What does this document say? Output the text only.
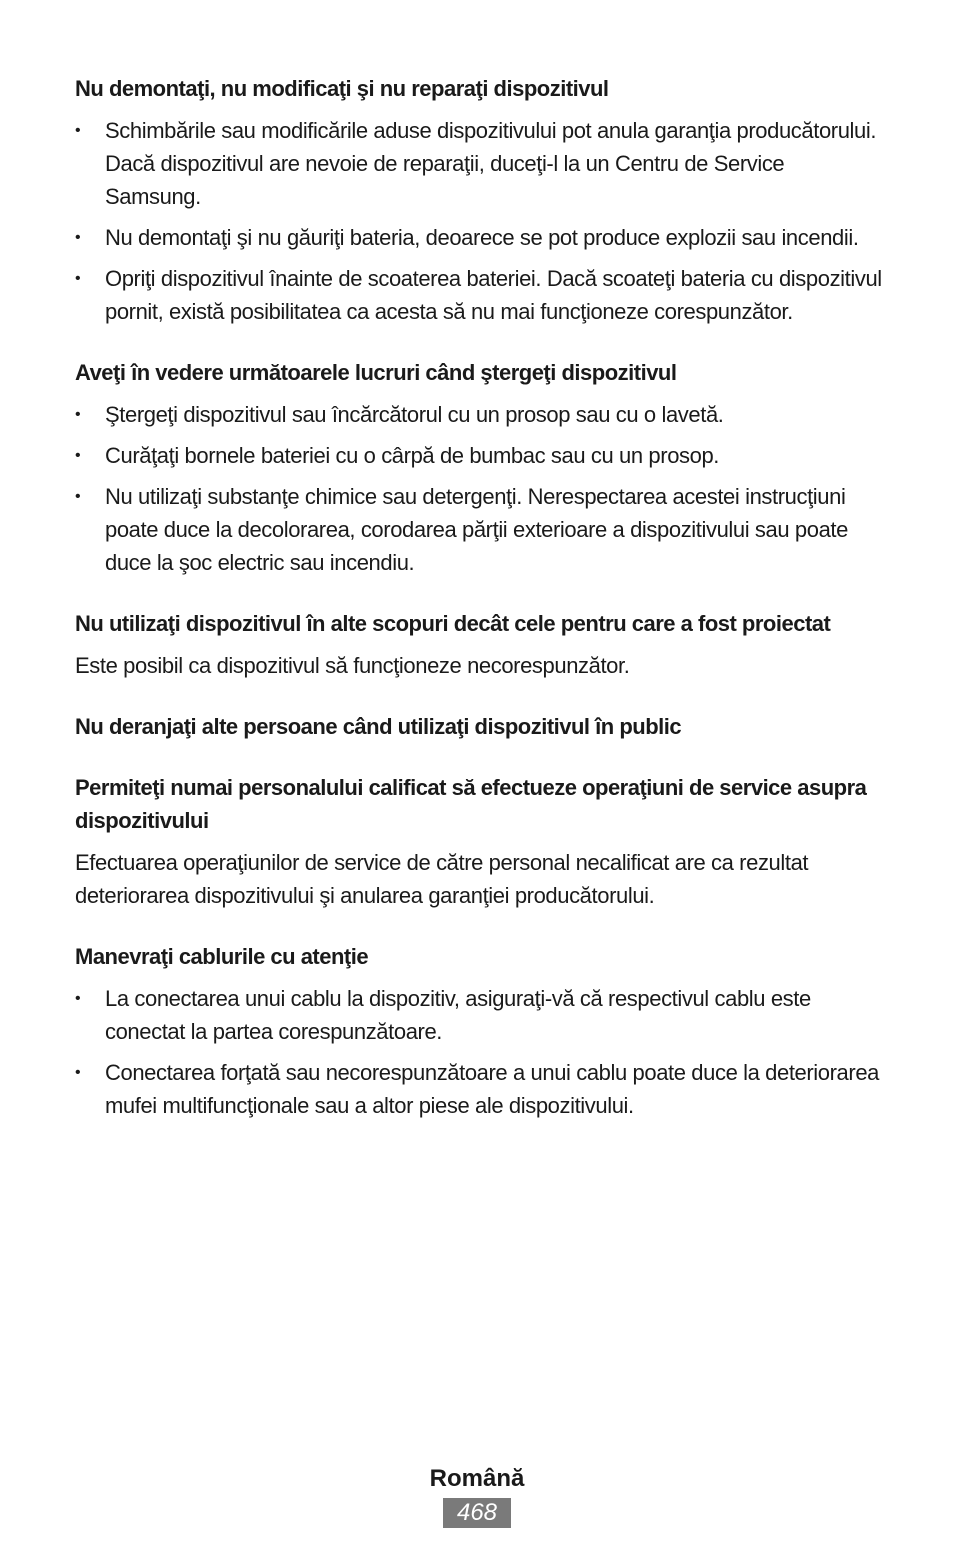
Nu demontaţi, nu modificaţi şi nu reparaţi dispozitivul
• Schimbările sau modificările aduse dispozitivului pot anula garanţia producătorului. Dacă dispozitivul are nevoie de reparaţii, duceţi-l la un Centru de Service Samsung.
• Nu demontaţi şi nu găuriţi bateria, deoarece se pot produce explozii sau incendii.
• Opriţi dispozitivul înainte de scoaterea bateriei. Dacă scoateţi bateria cu dispozitivul pornit, există posibilitatea ca acesta să nu mai funcţioneze corespunzător.
Aveţi în vedere următoarele lucruri când ştergeţi dispozitivul
• Ştergeţi dispozitivul sau încărcătorul cu un prosop sau cu o lavetă.
• Curăţaţi bornele bateriei cu o cârpă de bumbac sau cu un prosop.
• Nu utilizaţi substanţe chimice sau detergenţi. Nerespectarea acestei instrucţiuni poate duce la decolorarea, corodarea părţii exterioare a dispozitivului sau poate duce la şoc electric sau incendiu.
Nu utilizaţi dispozitivul în alte scopuri decât cele pentru care a fost proiectat

Este posibil ca dispozitivul să funcţioneze necorespunzător.

Nu deranjaţi alte persoane când utilizaţi dispozitivul în public
Permiteţi numai personalului calificat să efectueze operaţiuni de service asupra dispozitivului

Efectuarea operaţiunilor de service de către personal necalificat are ca rezultat deteriorarea dispozitivului şi anularea garanţiei producătorului.

Manevraţi cablurile cu atenţie
• La conectarea unui cablu la dispozitiv, asiguraţi-vă că respectivul cablu este conectat la partea corespunzătoare.
• Conectarea forţată sau necorespunzătoare a unui cablu poate duce la deteriorarea mufei multifuncţionale sau a altor piese ale dispozitivului.
Română
468
